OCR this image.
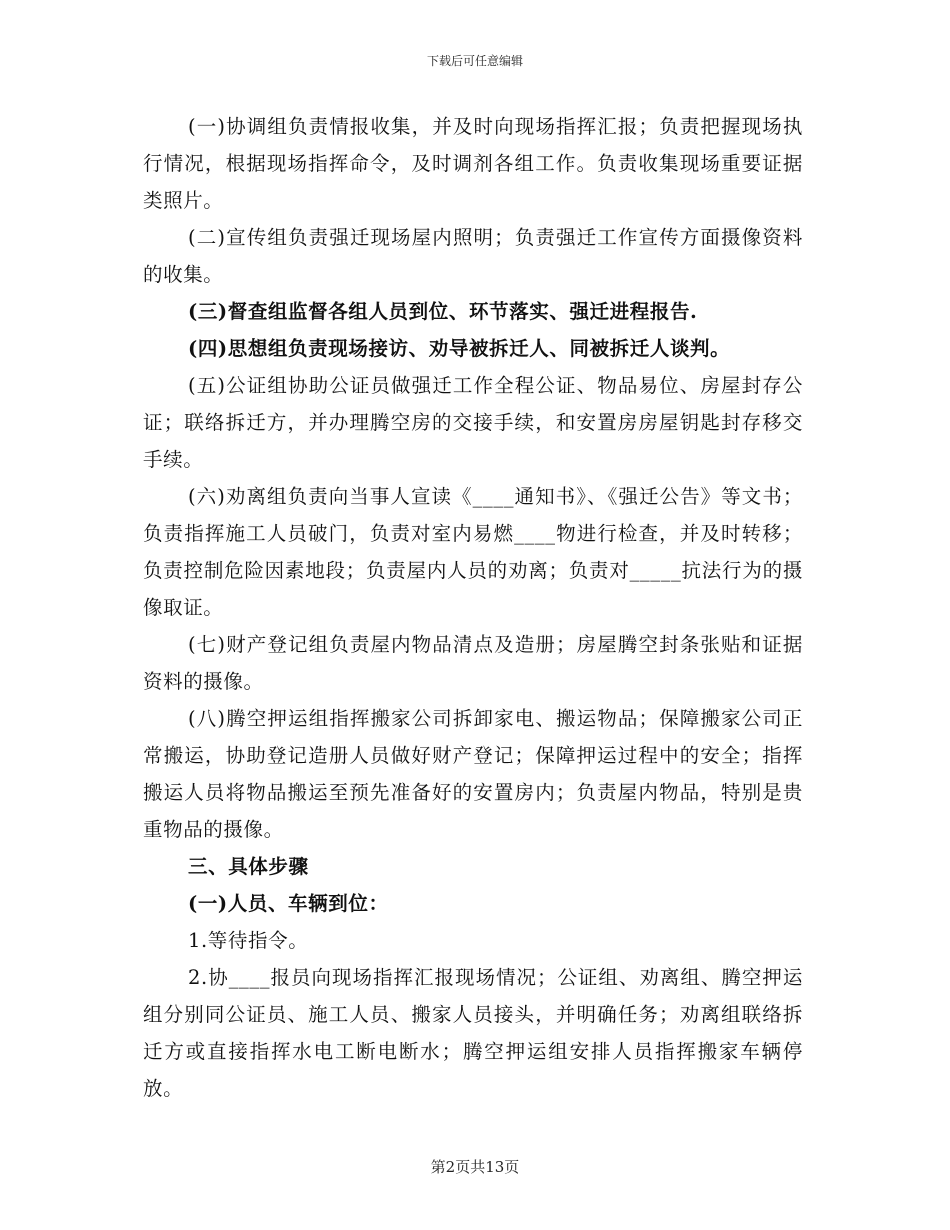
下载后可任意编辑

(一)协调组负责情报收集，并及时向现场指挥汇报；负责把握现场执行情况，根据现场指挥命令，及时调剂各组工作。负责收集现场重要证据类照片。

(二)宣传组负责强迁现场屋内照明；负责强迁工作宣传方面摄像资料的收集。

(三)督查组监督各组人员到位、环节落实、强迁进程报告.

(四)思想组负责现场接访、劝导被拆迁人、同被拆迁人谈判。

(五)公证组协助公证员做强迁工作全程公证、物品易位、房屋封存公证；联络拆迁方，并办理腾空房的交接手续，和安置房房屋钥匙封存移交手续。

(六)劝离组负责向当事人宣读《____通知书》、《强迁公告》等文书；负责指挥施工人员破门，负责对室内易燃____物进行检查，并及时转移；负责控制危险因素地段；负责屋内人员的劝离；负责对_____抗法行为的摄像取证。

(七)财产登记组负责屋内物品清点及造册；房屋腾空封条张贴和证据资料的摄像。

(八)腾空押运组指挥搬家公司拆卸家电、搬运物品；保障搬家公司正常搬运，协助登记造册人员做好财产登记；保障押运过程中的安全；指挥搬运人员将物品搬运至预先准备好的安置房内；负责屋内物品，特别是贵重物品的摄像。

三、具体步骤

(一)人员、车辆到位：

1.等待指令。

2.协____报员向现场指挥汇报现场情况；公证组、劝离组、腾空押运组分别同公证员、施工人员、搬家人员接头，并明确任务；劝离组联络拆迁方或直接指挥水电工断电断水；腾空押运组安排人员指挥搬家车辆停放。

第2页共13页
